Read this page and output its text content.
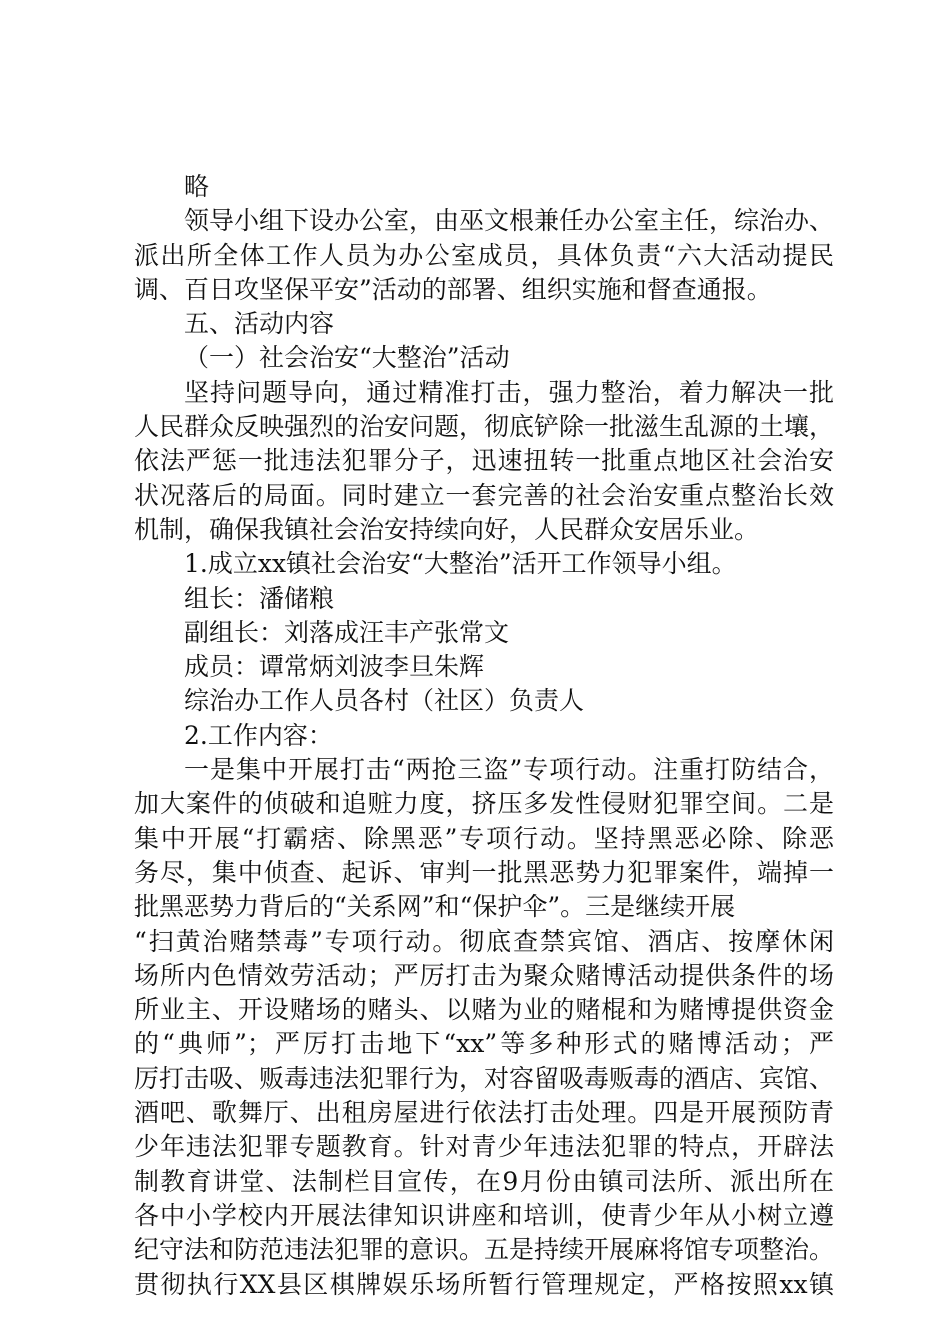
略
领导小组下设办公室，由巫文根兼任办公室主任，综治办、
派出所全体工作人员为办公室成员，具体负责“六大活动提民
调、百日攻坚保平安”活动的部署、组织实施和督查通报。
五、活动内容
（一）社会治安“大整治”活动
坚持问题导向，通过精准打击，强力整治，着力解决一批
人民群众反映强烈的治安问题，彻底铲除一批滋生乱源的土壤，
依法严惩一批违法犯罪分子，迅速扭转一批重点地区社会治安
状况落后的局面。同时建立一套完善的社会治安重点整治长效
机制，确保我镇社会治安持续向好，人民群众安居乐业。
1.成立xx镇社会治安“大整治”活开工作领导小组。
组长：潘储粮
副组长：刘落成汪丰产张常文
成员：谭常炳刘波李旦朱辉
综治办工作人员各村（社区）负责人
2.工作内容：
一是集中开展打击“两抢三盗”专项行动。注重打防结合，
加大案件的侦破和追赃力度，挤压多发性侵财犯罪空间。二是
集中开展“打霸痞、除黑恶”专项行动。坚持黑恶必除、除恶
务尽，集中侦查、起诉、审判一批黑恶势力犯罪案件，端掉一
批黑恶势力背后的“关系网”和“保护伞”。三是继续开展
“扫黄治赌禁毒”专项行动。彻底查禁宾馆、酒店、按摩休闲
场所内色情效劳活动；严厉打击为聚众赌博活动提供条件的场
所业主、开设赌场的赌头、以赌为业的赌棍和为赌博提供资金
的“典师”；严厉打击地下“xx”等多种形式的赌博活动；严
厉打击吸、贩毒违法犯罪行为，对容留吸毒贩毒的酒店、宾馆、
酒吧、歌舞厅、出租房屋进行依法打击处理。四是开展预防青
少年违法犯罪专题教育。针对青少年违法犯罪的特点，开辟法
制教育讲堂、法制栏目宣传，在9月份由镇司法所、派出所在
各中小学校内开展法律知识讲座和培训，使青少年从小树立遵
纪守法和防范违法犯罪的意识。五是持续开展麻将馆专项整治。
贯彻执行XX县区棋牌娱乐场所暂行管理规定，严格按照xx镇
